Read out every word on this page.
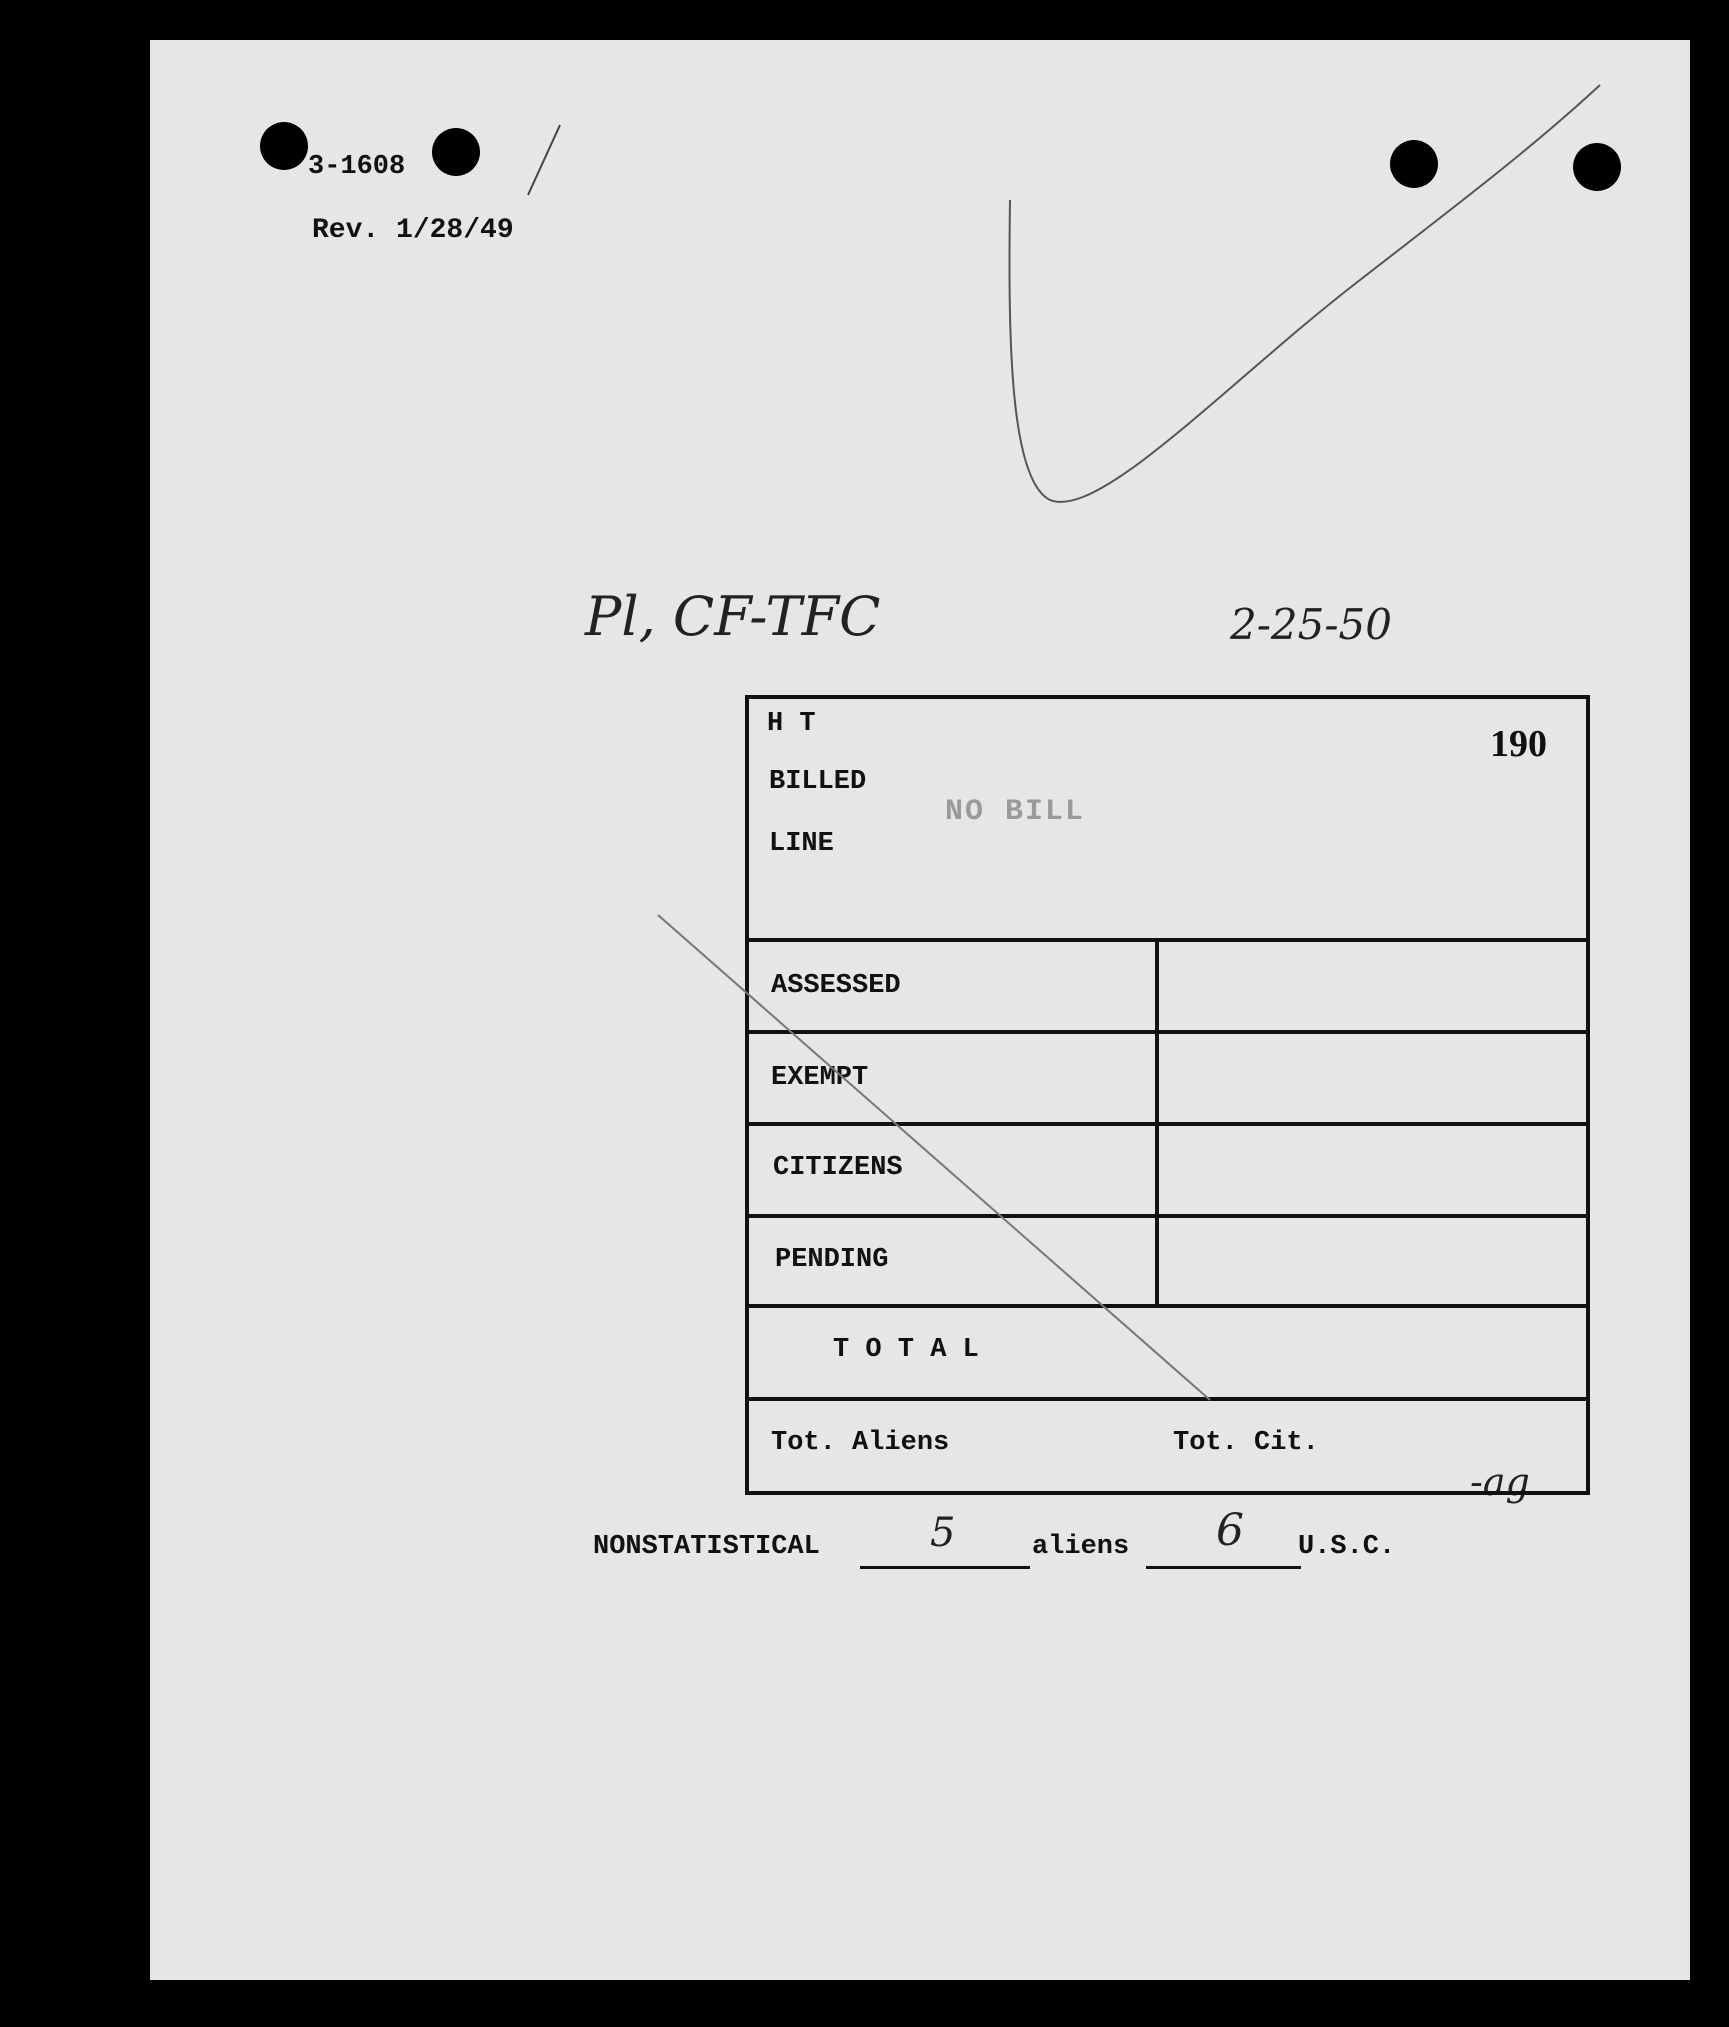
3-1608
Rev. 1/28/49
Pl, CF-TFC	2-25-50
190
-ag
H T
BILLED
LINE
NO BILL
ASSESSED
EXEMPT
CITIZENS
PENDING
T O T A L
Tot. Aliens	Tot. Cit.
NONSTATISTICAL	5	aliens 6 U.S.C.
